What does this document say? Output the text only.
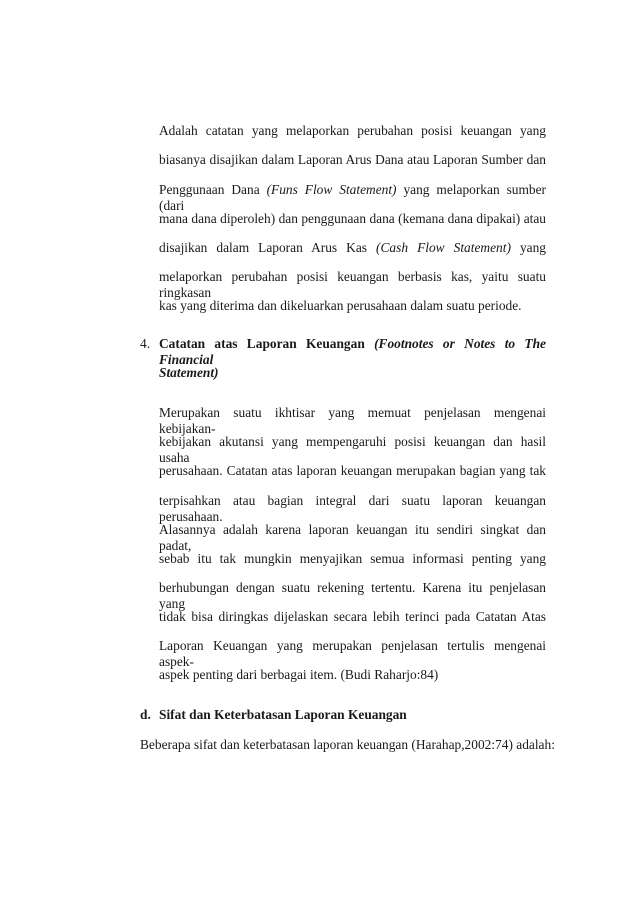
Adalah catatan yang melaporkan perubahan posisi keuangan yang
biasanya disajikan dalam Laporan Arus Dana atau Laporan Sumber dan
Penggunaan Dana (Funs Flow Statement) yang melaporkan sumber (dari
mana dana diperoleh) dan penggunaan dana (kemana dana dipakai) atau
disajikan dalam Laporan Arus Kas (Cash Flow Statement) yang
melaporkan perubahan posisi keuangan berbasis kas, yaitu suatu ringkasan
kas yang diterima dan dikeluarkan perusahaan dalam suatu periode.
4. Catatan atas Laporan Keuangan (Footnotes or Notes to The Financial
Statement)
Merupakan suatu ikhtisar yang memuat penjelasan mengenai kebijakan-
kebijakan akutansi yang mempengaruhi posisi keuangan dan hasil usaha
perusahaan. Catatan atas laporan keuangan merupakan bagian yang tak
terpisahkan atau bagian integral dari suatu laporan keuangan perusahaan.
Alasannya adalah karena laporan keuangan itu sendiri singkat dan padat,
sebab itu tak mungkin menyajikan semua informasi penting yang
berhubungan dengan suatu rekening tertentu. Karena itu penjelasan yang
tidak bisa diringkas dijelaskan secara lebih terinci pada Catatan Atas
Laporan Keuangan yang merupakan penjelasan tertulis mengenai aspek-
aspek penting dari berbagai item. (Budi Raharjo:84)
d. Sifat dan Keterbatasan Laporan Keuangan
Beberapa sifat dan keterbatasan laporan keuangan (Harahap,2002:74) adalah:
